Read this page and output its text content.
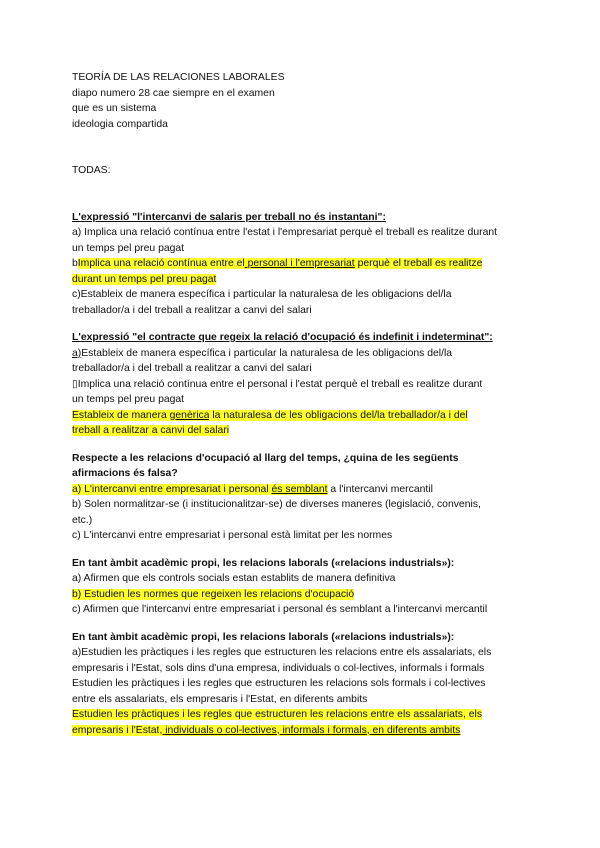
TEORÍA DE LAS RELACIONES LABORALES
diapo numero 28 cae siempre en el examen
que es un sistema
ideologia compartida
TODAS:
L'expressió "l'intercanvi de salaris per treball no és instantani":
a) Implica una relació contínua entre l'estat i l'empresariat perquè el treball es realitze durant
un temps pel preu pagat
bImplica una relació contínua entre el personal i l'empresariat perquè el treball es realitze
durant un temps pel preu pagat
c)Estableix de manera específica i particular la naturalesa de les obligacions del/la
treballador/a i del treball a realitzar a canvi del salari
L'expressió "el contracte que regeix la relació d'ocupació és indefinit i indeterminat":
a)Estableix de manera específica i particular la naturalesa de les obligacions del/la
treballador/a i del treball a realitzar a canvi del salari
▯Implica una relació contínua entre el personal i l'estat perquè el treball es realitze durant
un temps pel preu pagat
Estableix de manera genèrica la naturalesa de les obligacions del/la treballador/a i del
treball a realitzar a canvi del salari
Respecte a les relacions d'ocupació al llarg del temps, ¿quina de les següents
afirmacions és falsa?
a) L'intercanvi entre empresariat i personal és semblant a l'intercanvi mercantil
b) Solen normalitzar-se (i institucionalitzar-se) de diverses maneres (legislació, convenis,
etc.)
c) L'intercanvi entre empresariat i personal està limitat per les normes
En tant àmbit acadèmic propi, les relacions laborals («relacions industrials»):
a) Afirmen que els controls socials estan establits de manera definitiva
b) Estudien les normes que regeixen les relacions d'ocupació
c) Afirmen que l'intercanvi entre empresariat i personal és semblant a l'intercanvi mercantil
En tant àmbit acadèmic propi, les relacions laborals («relacions industrials»):
a)Estudien les pràctiques i les regles que estructuren les relacions entre els assalariats, els
empresaris i l'Estat, sols dins d'una empresa, individuals o col-lectives, informals i formals
Estudien les pràctiques i les regles que estructuren les relacions sols formals i col-lectives
entre els assalariats, els empresaris i l'Estat, en diferents ambits
Estudien les pràctiques i les regles que estructuren les relacions entre els assalariats, els
empresaris i l'Estat, individuals o col-lectives, informals i formals, en diferents ambits
